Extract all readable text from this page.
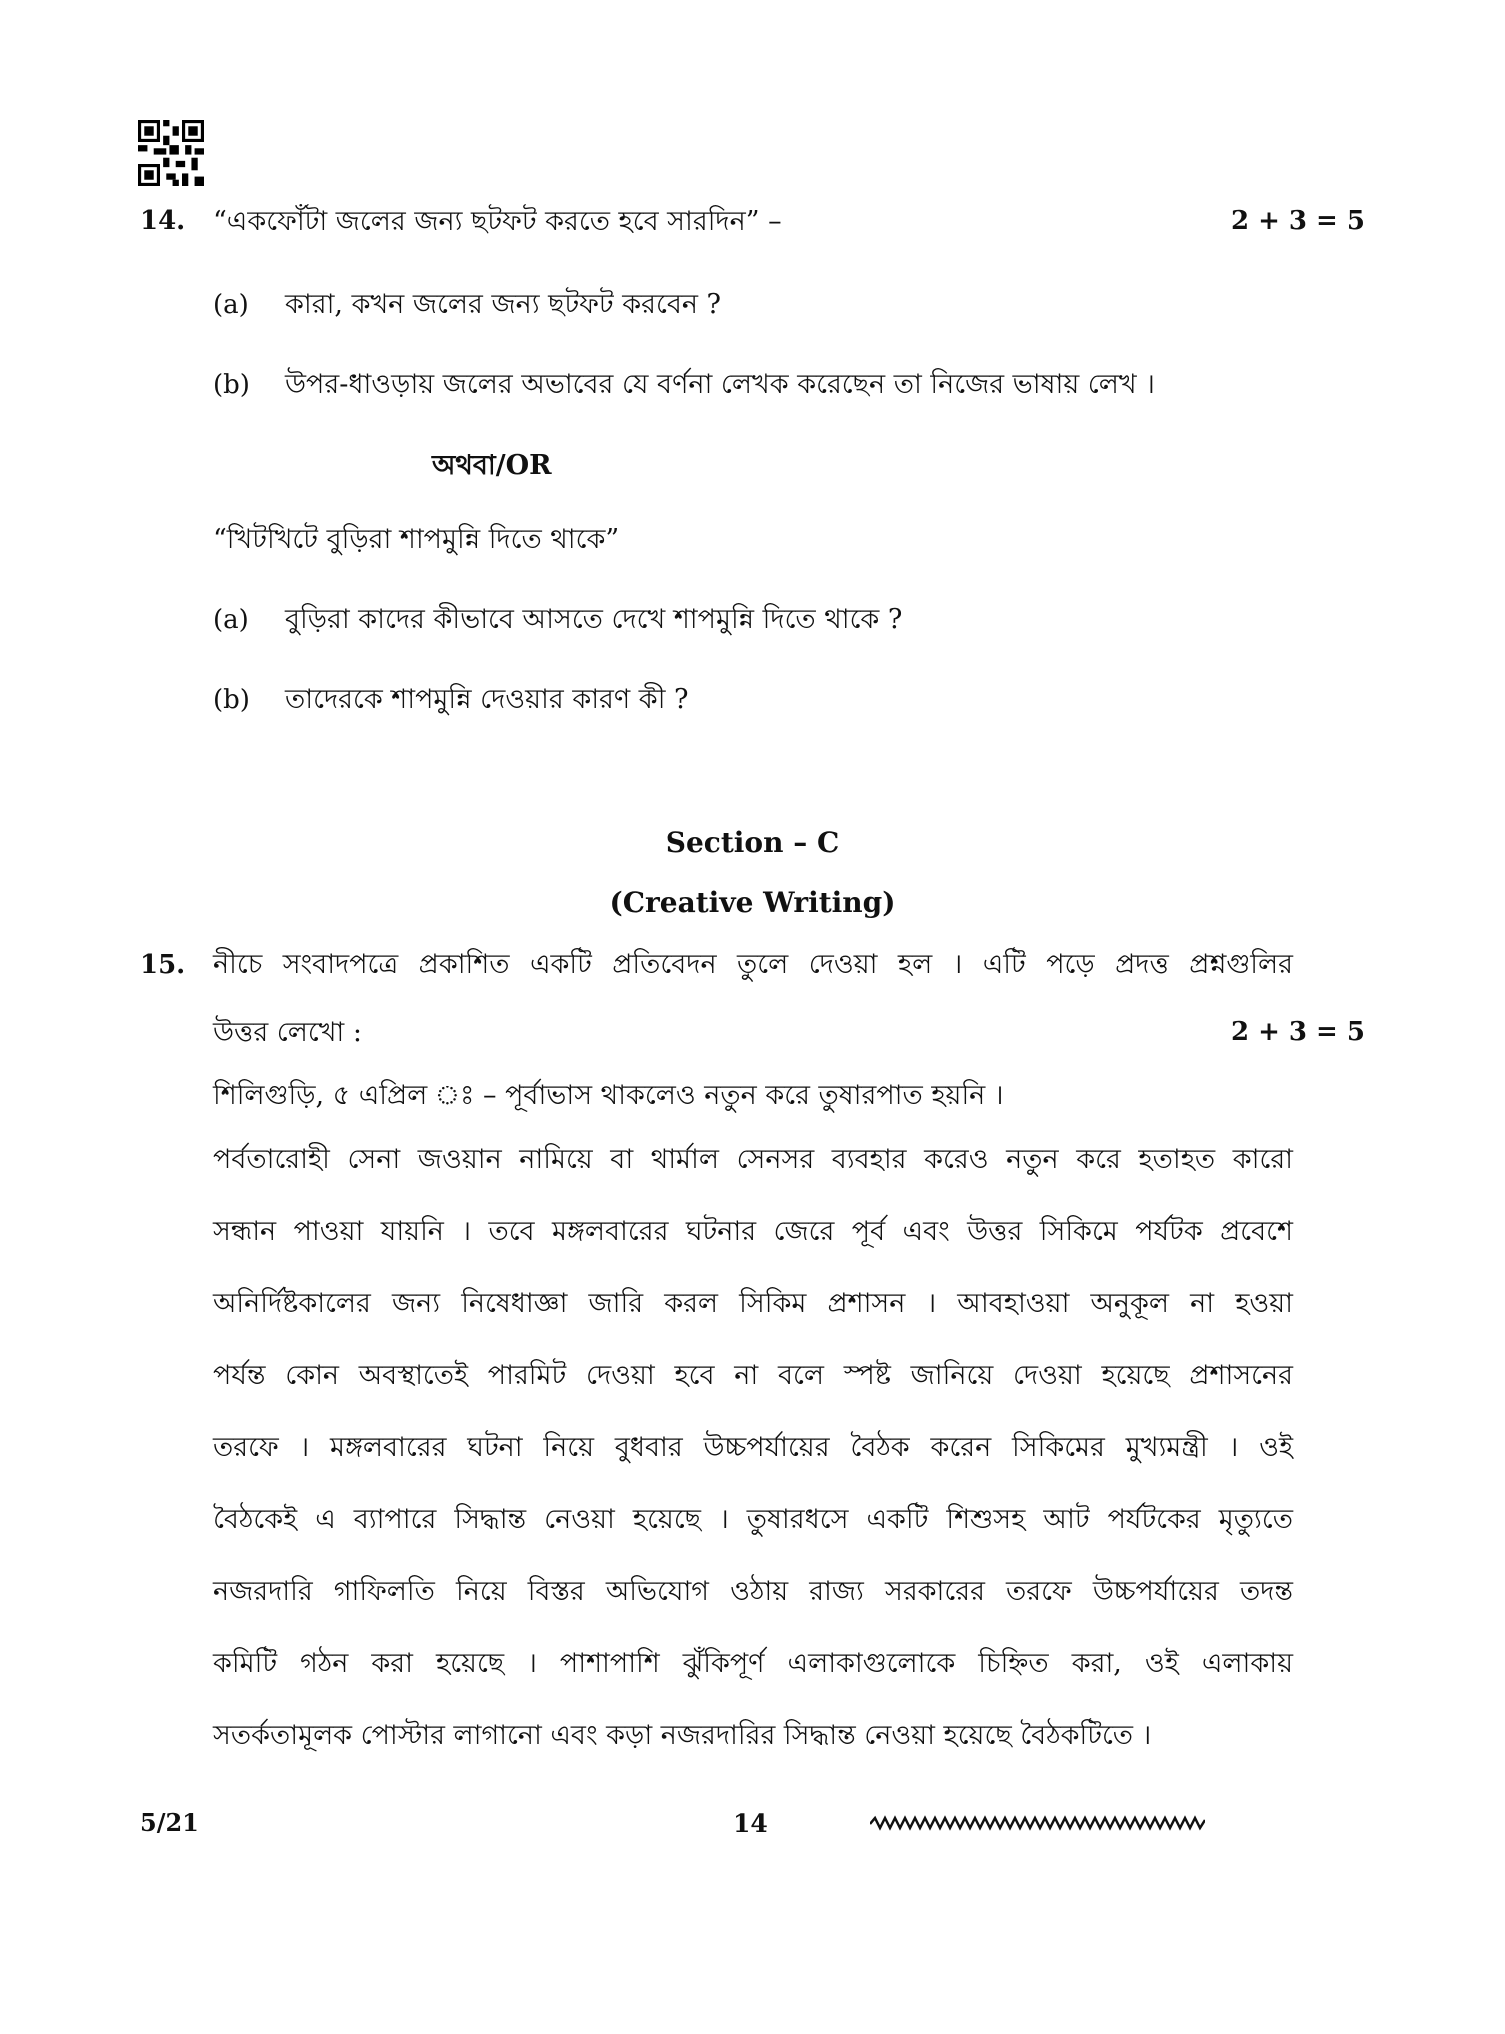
14. “একফোঁটা জলের জন্য ছটফট করতে হবে সারদিন” –	2 + 3 = 5
(a) কারা, কখন জলের জন্য ছটফট করবেন ?
(b) উপর-ধাওড়ায় জলের অভাবের যে বর্ণনা লেখক করেছেন তা নিজের ভাষায় লেখ ।
অথবা/OR
“খিটখিটে বুড়িরা শাপমুন্নি দিতে থাকে”
(a) বুড়িরা কাদের কীভাবে আসতে দেখে শাপমুন্নি দিতে থাকে ?
(b) তাদেরকে শাপমুন্নি দেওয়ার কারণ কী ?
Section – C
(Creative Writing)
15. নীচে সংবাদপত্রে প্রকাশিত একটি প্রতিবেদন তুলে দেওয়া হল । এটি পড়ে প্রদত্ত প্রশ্নগুলির
উত্তর লেখো :	2 + 3 = 5
শিলিগুড়ি, ৫ এপ্রিল ঃ – পূর্বাভাস থাকলেও নতুন করে তুষারপাত হয়নি ।
পর্বতারোহী সেনা জওয়ান নামিয়ে বা থার্মাল সেনসর ব্যবহার করেও নতুন করে হতাহত কারো
সন্ধান পাওয়া যায়নি । তবে মঙ্গলবারের ঘটনার জেরে পূর্ব এবং উত্তর সিকিমে পর্যটক প্রবেশে
অনির্দিষ্টকালের জন্য নিষেধাজ্ঞা জারি করল সিকিম প্রশাসন । আবহাওয়া অনুকূল না হওয়া
পর্যন্ত কোন অবস্থাতেই পারমিট দেওয়া হবে না বলে স্পষ্ট জানিয়ে দেওয়া হয়েছে প্রশাসনের
তরফে । মঙ্গলবারের ঘটনা নিয়ে বুধবার উচ্চপর্যায়ের বৈঠক করেন সিকিমের মুখ্যমন্ত্রী । ওই
বৈঠকেই এ ব্যাপারে সিদ্ধান্ত নেওয়া হয়েছে । তুষারধসে একটি শিশুসহ আট পর্যটকের মৃত্যুতে
নজরদারি গাফিলতি নিয়ে বিস্তর অভিযোগ ওঠায় রাজ্য সরকারের তরফে উচ্চপর্যায়ের তদন্ত
কমিটি গঠন করা হয়েছে । পাশাপাশি ঝুঁকিপূর্ণ এলাকাগুলোকে চিহ্নিত করা, ওই এলাকায়
সতর্কতামূলক পোস্টার লাগানো এবং কড়া নজরদারির সিদ্ধান্ত নেওয়া হয়েছে বৈঠকটিতে ।
5/21	14
